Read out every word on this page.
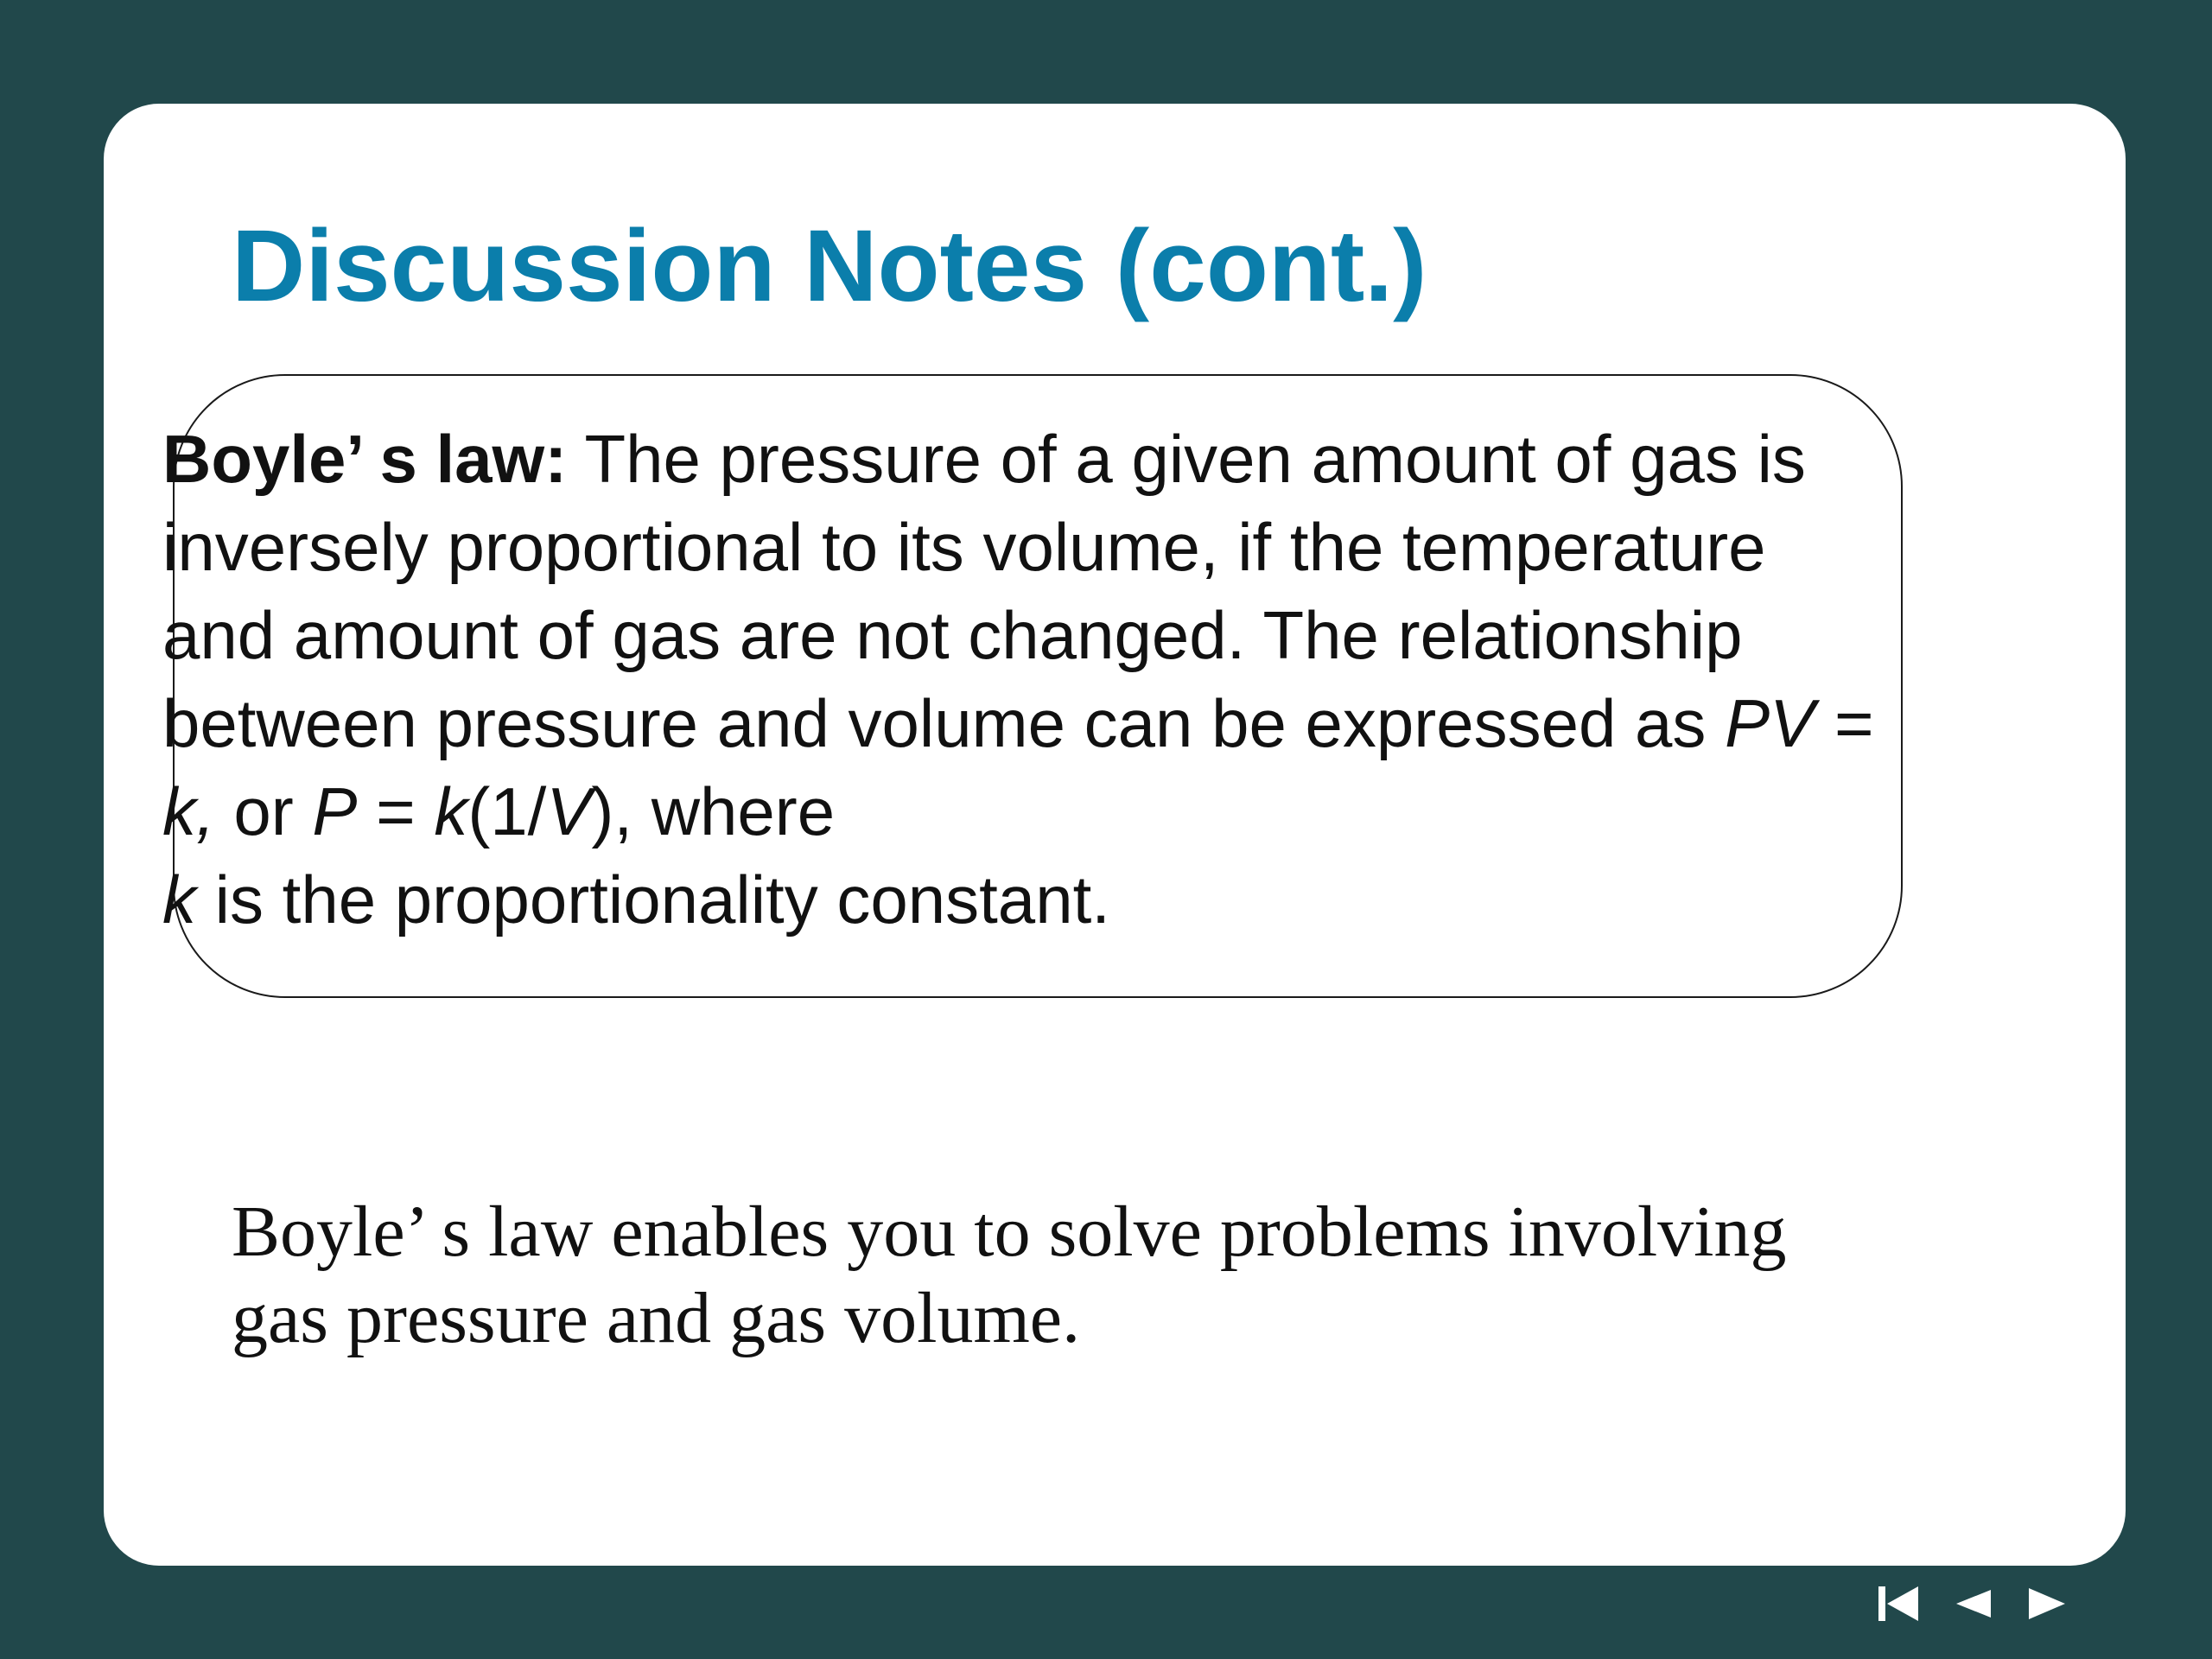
Discussion Notes (cont.)

Boyle’ s law: The pressure of a given amount of gas is inversely proportional to its volume, if the temperature and amount of gas are not changed. The relationship between pressure and volume can be expressed as PV = k, or P = k(1/V), where
k is the proportionality constant.

Boyle’ s law enables you to solve problems involving gas pressure and gas volume.
